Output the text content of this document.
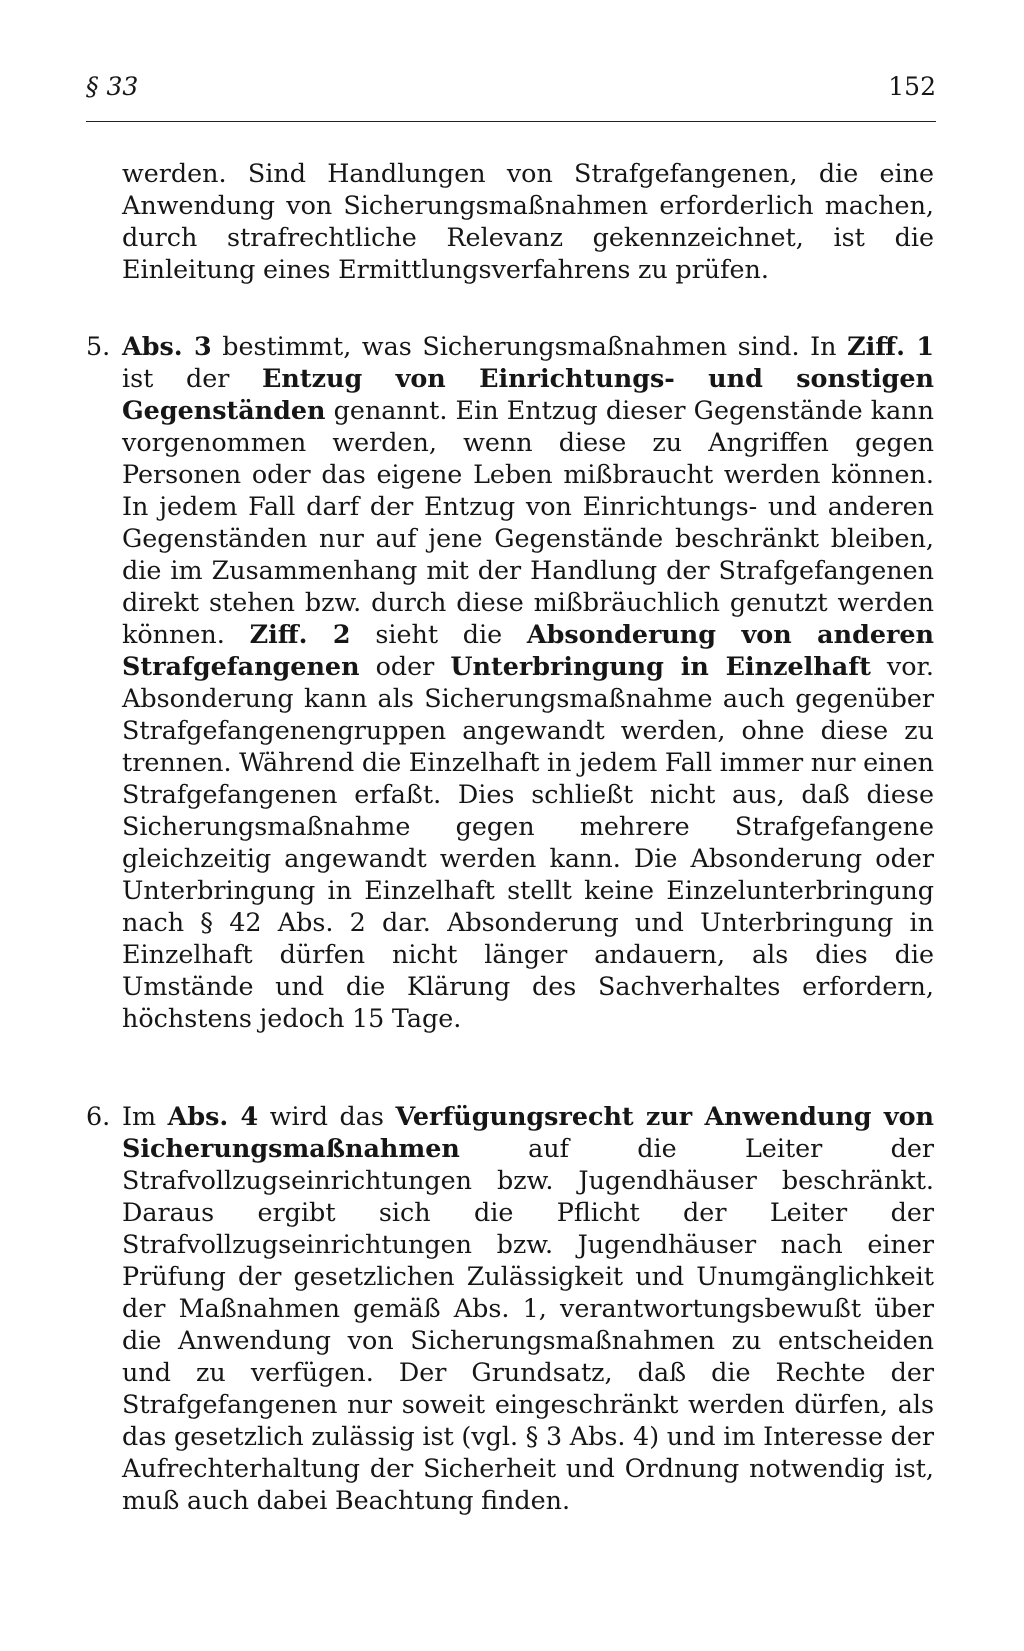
§ 33	152
werden. Sind Handlungen von Strafgefangenen, die eine Anwendung von Sicherungsmaßnahmen erforderlich machen, durch strafrechtliche Relevanz gekennzeichnet, ist die Einleitung eines Ermittlungsverfahrens zu prüfen.
5. Abs. 3 bestimmt, was Sicherungsmaßnahmen sind. In Ziff. 1 ist der Entzug von Einrichtungs- und sonstigen Gegenständen genannt. Ein Entzug dieser Gegenstände kann vorgenommen werden, wenn diese zu Angriffen gegen Personen oder das eigene Leben mißbraucht werden können. In jedem Fall darf der Entzug von Einrichtungs- und anderen Gegenständen nur auf jene Gegenstände beschränkt bleiben, die im Zusammenhang mit der Handlung der Strafgefangenen direkt stehen bzw. durch diese mißbräuchlich genutzt werden können. Ziff. 2 sieht die Absonderung von anderen Strafgefangenen oder Unterbringung in Einzelhaft vor. Absonderung kann als Sicherungsmaßnahme auch gegenüber Strafgefangenengruppen angewandt werden, ohne diese zu trennen. Während die Einzelhaft in jedem Fall immer nur einen Strafgefangenen erfaßt. Dies schließt nicht aus, daß diese Sicherungsmaßnahme gegen mehrere Strafgefangene gleichzeitig angewandt werden kann. Die Absonderung oder Unterbringung in Einzelhaft stellt keine Einzelunterbringung nach § 42 Abs. 2 dar. Absonderung und Unterbringung in Einzelhaft dürfen nicht länger andauern, als dies die Umstände und die Klärung des Sachverhaltes erfordern, höchstens jedoch 15 Tage.
6. Im Abs. 4 wird das Verfügungsrecht zur Anwendung von Sicherungsmaßnahmen auf die Leiter der Strafvollzugseinrichtungen bzw. Jugendhäuser beschränkt. Daraus ergibt sich die Pflicht der Leiter der Strafvollzugseinrichtungen bzw. Jugendhäuser nach einer Prüfung der gesetzlichen Zulässigkeit und Unumgänglichkeit der Maßnahmen gemäß Abs. 1, verantwortungsbewußt über die Anwendung von Sicherungsmaßnahmen zu entscheiden und zu verfügen. Der Grundsatz, daß die Rechte der Strafgefangenen nur soweit eingeschränkt werden dürfen, als das gesetzlich zulässig ist (vgl. § 3 Abs. 4) und im Interesse der Aufrechterhaltung der Sicherheit und Ordnung notwendig ist, muß auch dabei Beachtung finden.
